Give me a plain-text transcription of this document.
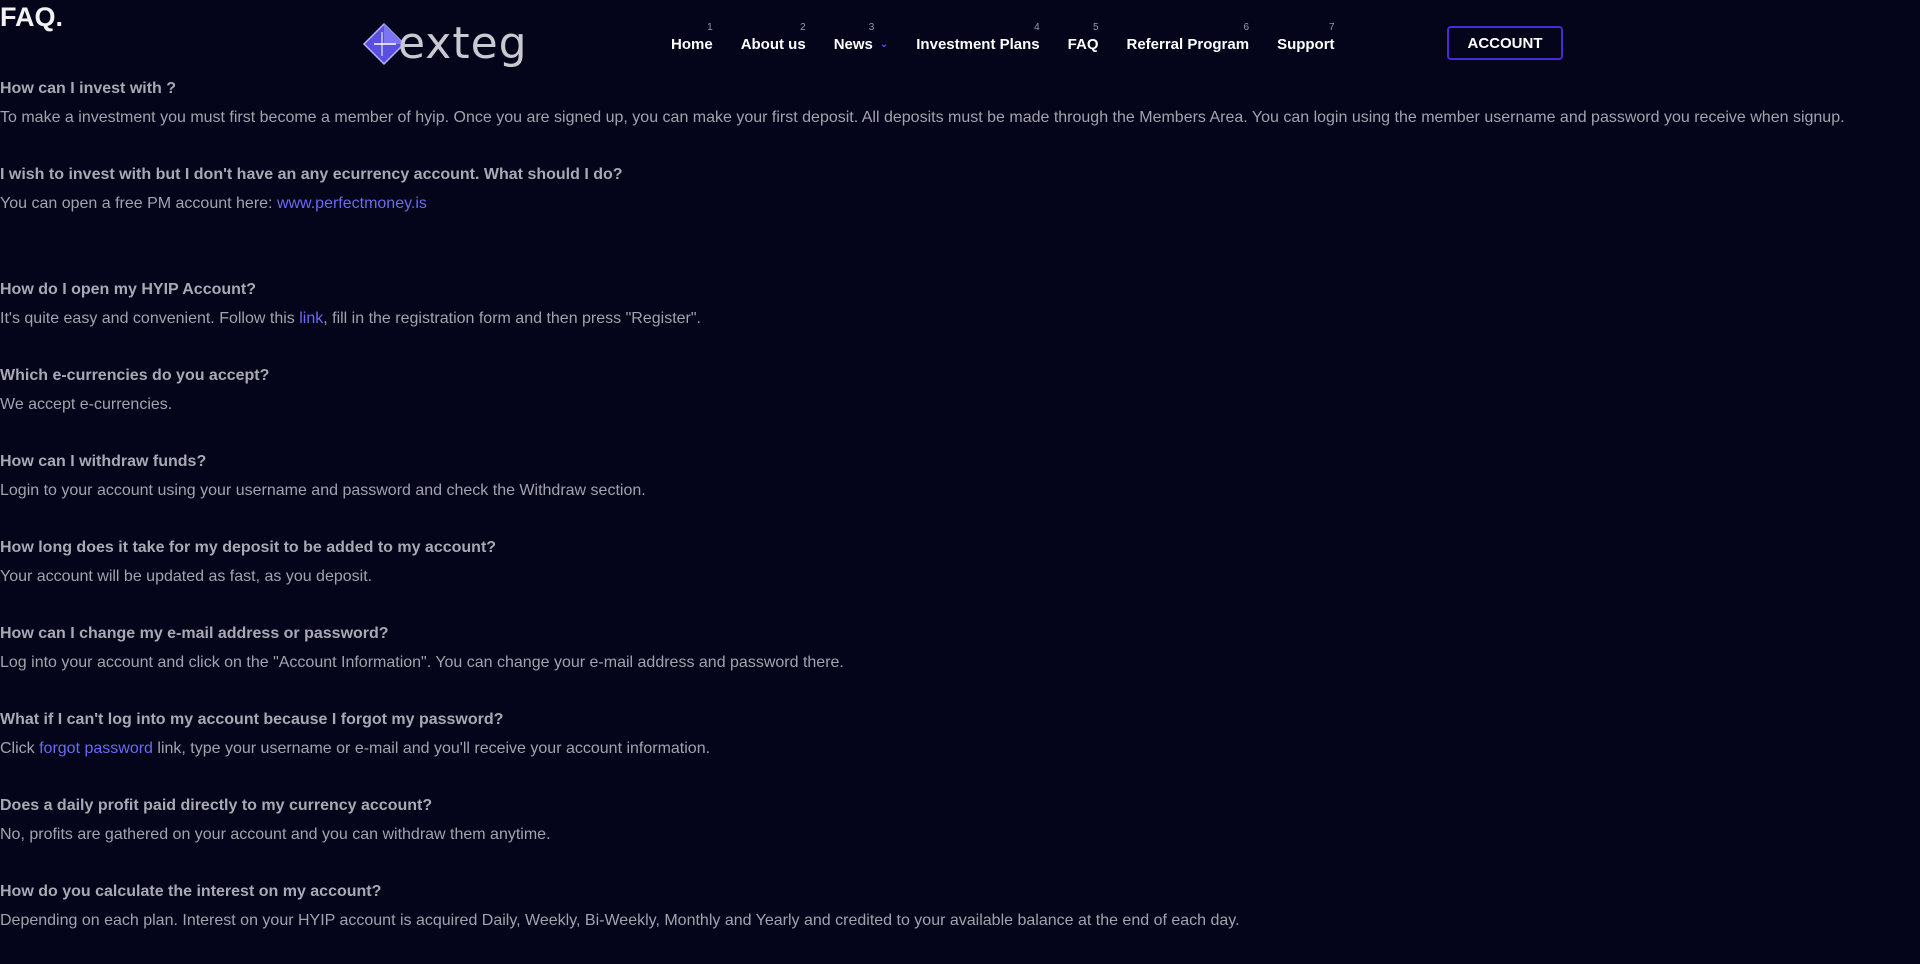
FAQ.
exteg	1
Home
2
About us
3
News ⌄
4
Investment Plans
5
FAQ
6
Referral Program
7
Support	ACCOUNT
How can I invest with ?
To make a investment you must first become a member of hyip. Once you are signed up, you can make your first deposit. All deposits must be made through the Members Area. You can login using the member username and password you receive when signup.
I wish to invest with but I don't have an any ecurrency account. What should I do?
You can open a free PM account here: www.perfectmoney.is
How do I open my HYIP Account?
It's quite easy and convenient. Follow this link, fill in the registration form and then press "Register".
Which e-currencies do you accept?
We accept e-currencies.
How can I withdraw funds?
Login to your account using your username and password and check the Withdraw section.
How long does it take for my deposit to be added to my account?
Your account will be updated as fast, as you deposit.
How can I change my e-mail address or password?
Log into your account and click on the "Account Information". You can change your e-mail address and password there.
What if I can't log into my account because I forgot my password?
Click forgot password link, type your username or e-mail and you'll receive your account information.
Does a daily profit paid directly to my currency account?
No, profits are gathered on your account and you can withdraw them anytime.
How do you calculate the interest on my account?
Depending on each plan. Interest on your HYIP account is acquired Daily, Weekly, Bi-Weekly, Monthly and Yearly and credited to your available balance at the end of each day.
